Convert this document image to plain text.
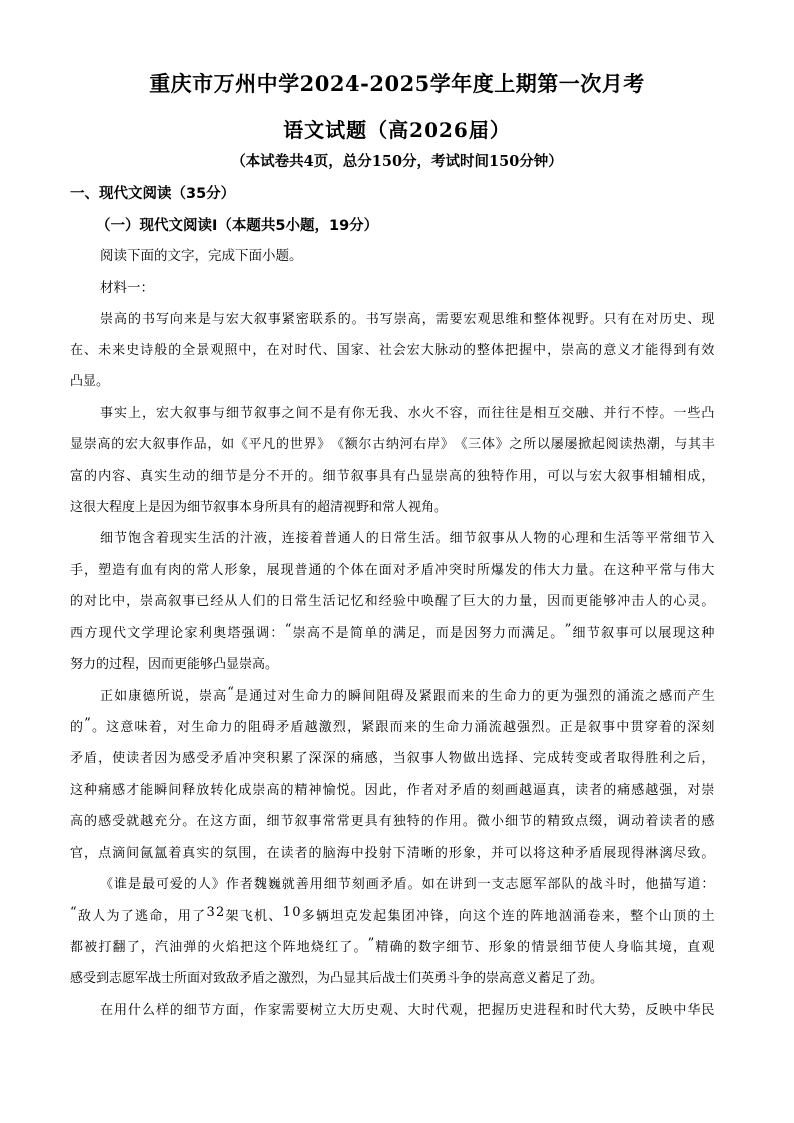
重庆市万州中学2024-2025学年度上期第一次月考
语文试题（高2026届）
（本试卷共4页，总分150分，考试时间150分钟）
一、现代文阅读（35分）
（一）现代文阅读Ⅰ（本题共5小题，19分）
阅读下面的文字，完成下面小题。
材料一：
崇 高 的 书 写 向 来 是 与 宏 大 叙 事 紧 密 联 系 的 。 书 写 崇 高 ， 需 要 宏 观 思 维 和 整 体 视 野 。 只 有 在 对 历 史 、 现
在 、 未 来 史 诗 般 的 全 景 观 照 中 ， 在 对 时 代 、 国 家 、 社 会 宏 大 脉 动 的 整 体 把 握 中 ， 崇 高 的 意 义 才 能 得 到 有 效
凸显。
事 实 上 ， 宏 大 叙 事 与 细 节 叙 事 之 间 不 是 有 你 无 我 、 水 火 不 容 ， 而 往 往 是 相 互 交 融 、 并 行 不 悖 。 一 些 凸
显 崇 高 的 宏 大 叙 事 作 品 ， 如 《 平 凡 的 世 界 》 《 额 尔 古 纳 河 右 岸 》 《 三 体 》 之 所 以 屡 屡 掀 起 阅 读 热 潮 ， 与 其 丰
富 的 内 容 、 真 实 生 动 的 细 节 是 分 不 开 的 。 细 节 叙 事 具 有 凸 显 崇 高 的 独 特 作 用 ， 可 以 与 宏 大 叙 事 相 辅 相 成 ，
这很大程度上是因为细节叙事本身所具有的超清视野和常人视角。
细 节 饱 含 着 现 实 生 活 的 汁 液 ， 连 接 着 普 通 人 的 日 常 生 活 。 细 节 叙 事 从 人 物 的 心 理 和 生 活 等 平 常 细 节 入
手 ， 塑 造 有 血 有 肉 的 常 人 形 象 ， 展 现 普 通 的 个 体 在 面 对 矛 盾 冲 突 时 所 爆 发 的 伟 大 力 量 。 在 这 种 平 常 与 伟 大
的 对 比 中 ， 崇 高 叙 事 已 经 从 人 们 的 日 常 生 活 记 忆 和 经 验 中 唤 醒 了 巨 大 的 力 量 ， 因 而 更 能 够 冲 击 人 的 心 灵 。
西 方 现 代 文 学 理 论 家 利 奥 塔 强 调 ： “ 崇 高 不 是 简 单 的 满 足 ， 而 是 因 努 力 而 满 足 。 ” 细 节 叙 事 可 以 展 现 这 种
努力的过程，因而更能够凸显崇高。
正 如 康 德 所 说 ， 崇 高 “ 是 通 过 对 生 命 力 的 瞬 间 阻 碍 及 紧 跟 而 来 的 生 命 力 的 更 为 强 烈 的 涌 流 之 感 而 产 生
的 ” 。 这 意 味 着 ， 对 生 命 力 的 阻 碍 矛 盾 越 激 烈 ， 紧 跟 而 来 的 生 命 力 涌 流 越 强 烈 。 正 是 叙 事 中 贯 穿 着 的 深 刻
矛 盾 ， 使 读 者 因 为 感 受 矛 盾 冲 突 积 累 了 深 深 的 痛 感 ， 当 叙 事 人 物 做 出 选 择 、 完 成 转 变 或 者 取 得 胜 利 之 后 ，
这 种 痛 感 才 能 瞬 间 释 放 转 化 成 崇 高 的 精 神 愉 悦 。 因 此 ， 作 者 对 矛 盾 的 刻 画 越 逼 真 ， 读 者 的 痛 感 越 强 ， 对 崇
高 的 感 受 就 越 充 分 。 在 这 方 面 ， 细 节 叙 事 常 常 更 具 有 独 特 的 作 用 。 微 小 细 节 的 精 致 点 缀 ， 调 动 着 读 者 的 感
官 ， 点 滴 间 氤 氲 着 真 实 的 氛 围 ， 在 读 者 的 脑 海 中 投 射 下 清 晰 的 形 象 ， 并 可 以 将 这 种 矛 盾 展 现 得 淋 漓 尽 致 。
《 谁 是 最 可 爱 的 人 》 作 者 魏 巍 就 善 用 细 节 刻 画 矛 盾 。 如 在 讲 到 一 支 志 愿 军 部 队 的 战 斗 时 ， 他 描 写 道 ：
“ 敌 人 为 了 逃 命 ， 用 了 3 2 架 飞 机 、 1 0 多 辆 坦 克 发 起 集 团 冲 锋 ， 向 这 个 连 的 阵 地 汹 涌 卷 来 ， 整 个 山 顶 的 土
都 被 打 翻 了 ， 汽 油 弹 的 火 焰 把 这 个 阵 地 烧 红 了 。 ” 精 确 的 数 字 细 节 、 形 象 的 情 景 细 节 使 人 身 临 其 境 ， 直 观
感受到志愿军战士所面对致敌矛盾之激烈，为凸显其后战士们英勇斗争的崇高意义蓄足了劲。
在 用 什 么 样 的 细 节 方 面 ， 作 家 需 要 树 立 大 历 史 观 、 大 时 代 观 ， 把 握 历 史 进 程 和 时 代 大 势 ， 反 映 中 华 民
